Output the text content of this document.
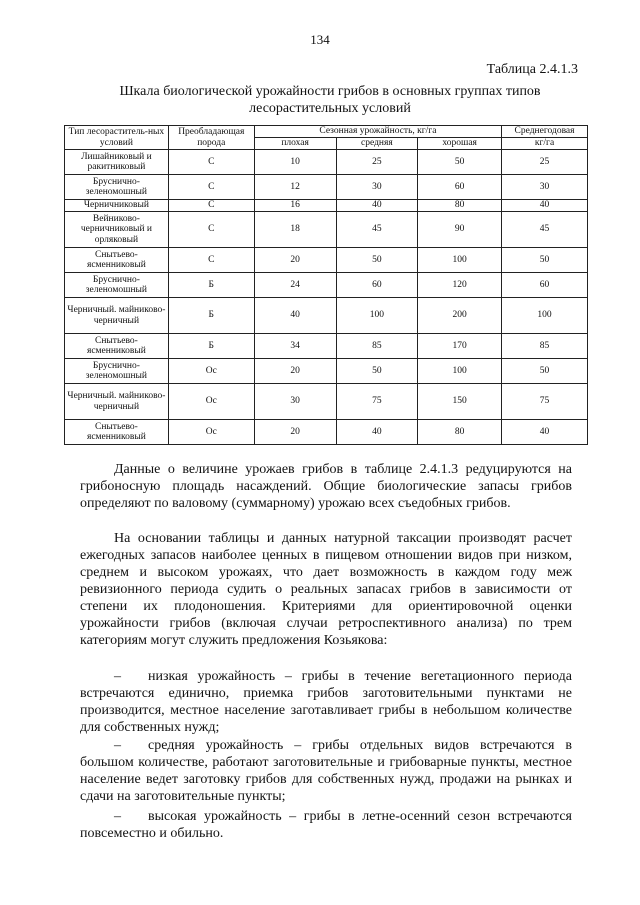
134
Таблица 2.4.1.3
Шкала биологической урожайности грибов в основных группах типов
лесорастительных условий
Тип лесораститель-ных условий	Преобладающая порода	Сезонная урожайность, кг/га			Среднегодовая
		плохая	средняя	хорошая	кг/га
Лишайниковый и ракитниковый	С	10	25	50	25
Бруснично-зеленомошный	С	12	30	60	30
Черничниковый	С	16	40	80	40
Вейниково-черничниковый и орляковый	С	18	45	90	45
Снытьево-ясменниковый	С	20	50	100	50
Бруснично-зеленомошный	Б	24	60	120	60
Черничный. майниково-черничный	Б	40	100	200	100
Снытьево-ясменниковый	Б	34	85	170	85
Бруснично-зеленомошный	Ос	20	50	100	50
Черничный. майниково-черничный	Ос	30	75	150	75
Снытьево-ясменниковый	Ос	20	40	80	40

Данные о величине урожаев грибов в таблице 2.4.1.3 редуцируются на грибоносную площадь насаждений. Общие биологические запасы грибов определяют по валовому (суммарному) урожаю всех съедобных грибов.

На основании таблицы и данных натурной таксации производят расчет ежегодных запасов наиболее ценных в пищевом отношении видов при низком, среднем и высоком урожаях, что дает возможность в каждом году меж ревизионного периода судить о реальных запасах грибов в зависимости от степени их плодоношения. Критериями для ориентировочной оценки урожайности грибов (включая случаи ретроспективного анализа) по трем категориям могут служить предложения Козьякова:

– низкая урожайность – грибы в течение вегетационного периода встречаются единично, приемка грибов заготовительными пунктами не производится, местное население заготавливает грибы в небольшом количестве для собственных нужд;

– средняя урожайность – грибы отдельных видов встречаются в большом количестве, работают заготовительные и грибоварные пункты, местное население ведет заготовку грибов для собственных нужд, продажи на рынках и сдачи на заготовительные пункты;

– высокая урожайность – грибы в летне-осенний сезон встречаются повсеместно и обильно.
